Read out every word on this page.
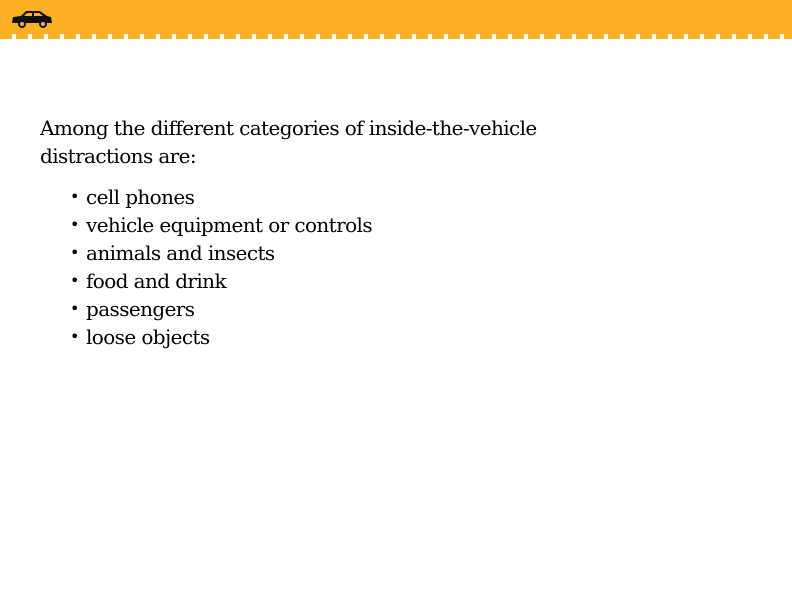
Among the different categories of inside-the-vehicle distractions are:

• cell phones
• vehicle equipment or controls
• animals and insects
• food and drink
• passengers
• loose objects
